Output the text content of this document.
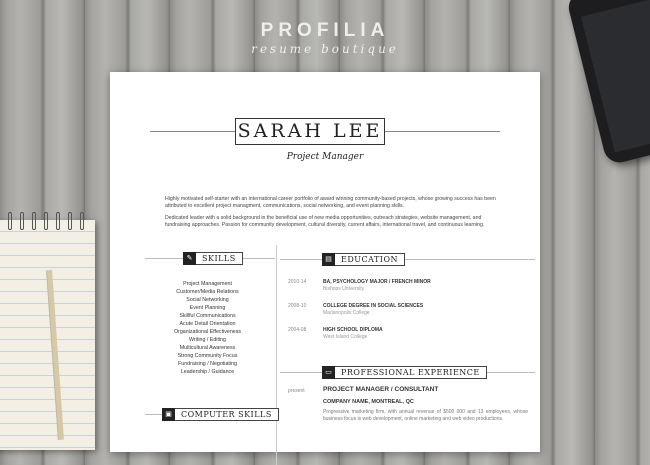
PROFILIA
resume boutique
SARAH LEE
Project Manager

Highly motivated self-starter with an international career portfolio of award winning community-based projects, whose growing success has been attributed to excellent project managment, communications, social networking, and event planning skills.

Dedicated leader with a solid background in the beneficial use of new media opportunities, outreach strategies, website management, and fundraising approaches. Passion for community development, cultural diversity, current affairs, international travel, and continuous learning.

✎	SKILLS
Project Management
Customer/Media Relations
Social Networking
Event Planning
Skillful Communications
Acute Detail Orientation
Organizational Effectiveness
Writing / Editing
Multicultural Awareness
Strong Community Focus
Fundraising / Negotiating
Leadership / Guidance
▣	COMPUTER SKILLS
▤	EDUCATION
2010-14	BA, PSYCHOLOGY MAJOR / FRENCH MINOR
Bishops University
2008-10	COLLEGE DEGREE IN SOCIAL SCIENCES
Marianopolis College
2004-08	HIGH SCHOOL DIPLOMA
West Island College
▭	PROFESSIONAL EXPERIENCE
present	PROJECT MANAGER / CONSULTANT
COMPANY NAME, MONTREAL, QC
Progressive marketing firm, with annual revenue of $500 000 and 13 employees, whose business focus is web development, online marketing and web video productions.
